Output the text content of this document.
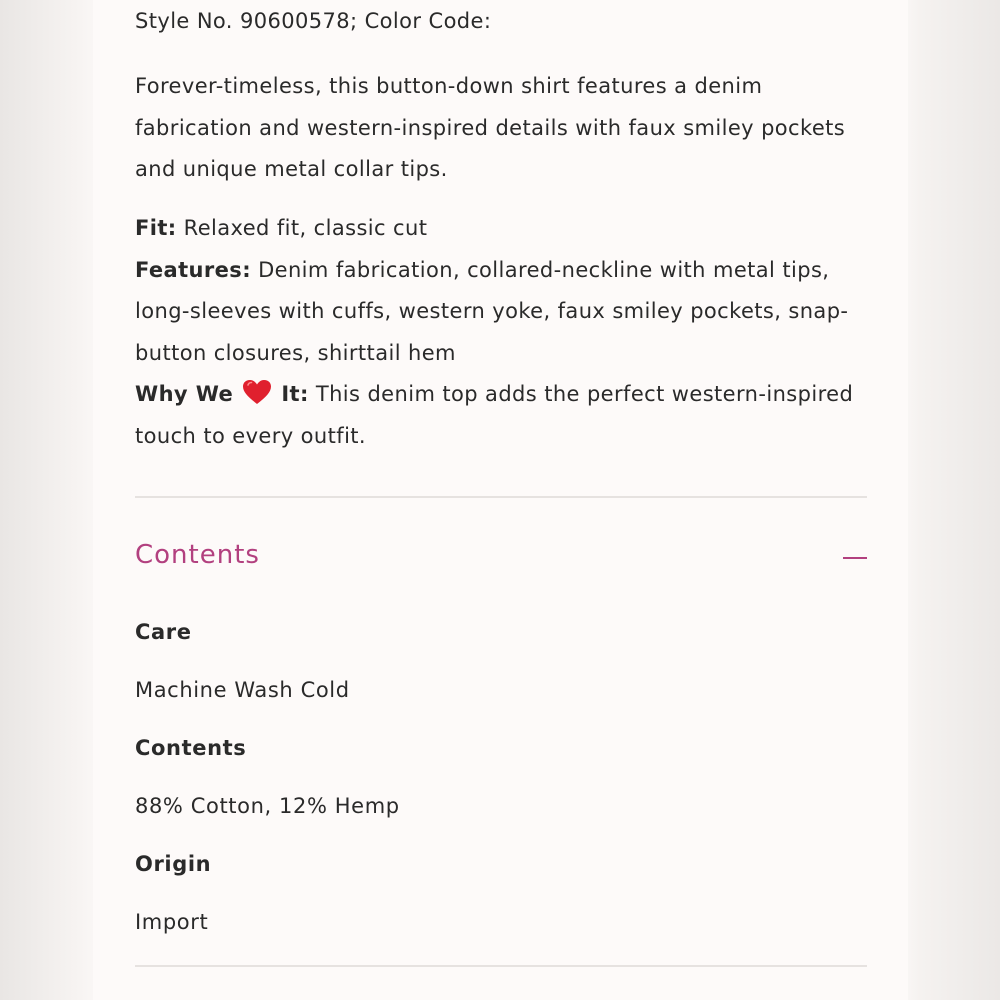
Style No. 90600578; Color Code:

Forever-timeless, this button-down shirt features a denim fabrication and western-inspired details with faux smiley pockets and unique metal collar tips.

Fit: Relaxed fit, classic cut
Features: Denim fabrication, collared-neckline with metal tips, long-sleeves with cuffs, western yoke, faux smiley pockets, snap-button closures, shirttail hem
Why We It: This denim top adds the perfect western-inspired touch to every outfit.

Contents
Care
Machine Wash Cold
Contents
88% Cotton, 12% Hemp
Origin
Import
